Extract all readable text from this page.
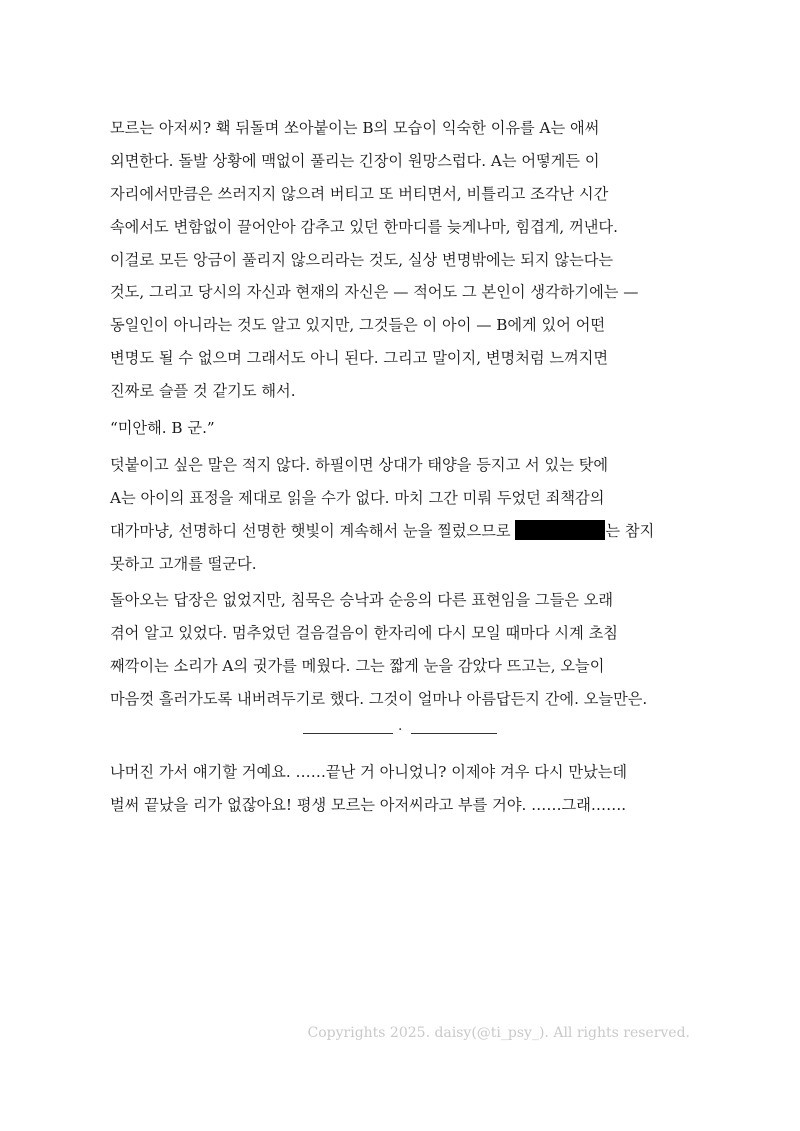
모르는 아저씨? 홱 뒤돌며 쏘아붙이는 B의 모습이 익숙한 이유를 A는 애써
외면한다. 돌발 상황에 맥없이 풀리는 긴장이 원망스럽다. A는 어떻게든 이
자리에서만큼은 쓰러지지 않으려 버티고 또 버티면서, 비틀리고 조각난 시간
속에서도 변함없이 끌어안아 감추고 있던 한마디를 늦게나마, 힘겹게, 꺼낸다.
이걸로 모든 앙금이 풀리지 않으리라는 것도, 실상 변명밖에는 되지 않는다는
것도, 그리고 당시의 자신과 현재의 자신은 — 적어도 그 본인이 생각하기에는 —
동일인이 아니라는 것도 알고 있지만, 그것들은 이 아이 — B에게 있어 어떤
변명도 될 수 없으며 그래서도 아니 된다. 그리고 말이지, 변명처럼 느껴지면
진짜로 슬플 것 같기도 해서.
“미안해. B 군.”
덧붙이고 싶은 말은 적지 않다. 하필이면 상대가 태양을 등지고 서 있는 탓에
A는 아이의 표정을 제대로 읽을 수가 없다. 마치 그간 미뤄 두었던 죄책감의
대가마냥, 선명하디 선명한 햇빛이 계속해서 눈을 찔렀으므로	는 참지
못하고 고개를 떨군다.
돌아오는 답장은 없었지만, 침묵은 승낙과 순응의 다른 표현임을 그들은 오래
겪어 알고 있었다. 멈추었던 걸음걸음이 한자리에 다시 모일 때마다 시계 초침
째깍이는 소리가 A의 귓가를 메웠다. 그는 짧게 눈을 감았다 뜨고는, 오늘이
마음껏 흘러가도록 내버려두기로 했다. 그것이 얼마나 아름답든지 간에. 오늘만은.
·
나머진 가서 얘기할 거예요. ……끝난 거 아니었니? 이제야 겨우 다시 만났는데
벌써 끝났을 리가 없잖아요! 평생 모르는 아저씨라고 부를 거야. ……그래…….
Copyrights 2025. daisy(@ti_psy_). All rights reserved.
